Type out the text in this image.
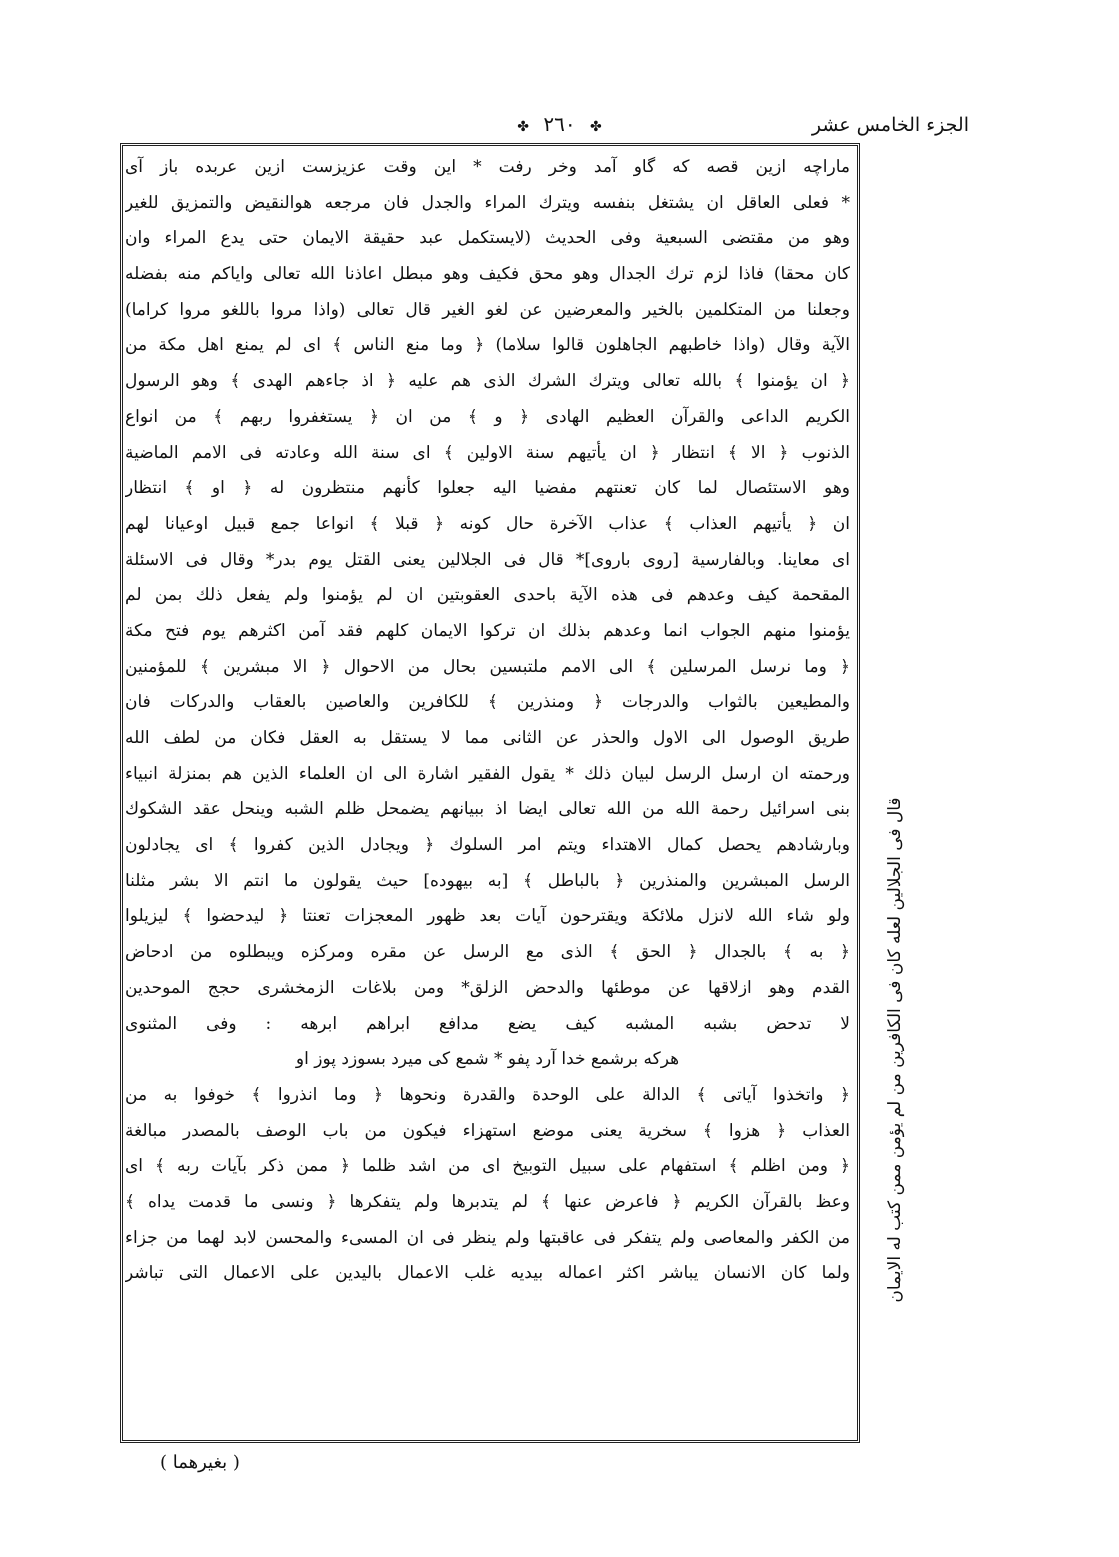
الجزء الخامس عشر
✤ ٢٦٠ ✤
ماراچه ازين قصه كه گاو آمد وخر رفت * اين وقت عزيزست ازين عربده باز آى
* فعلى العاقل ان يشتغل بنفسه ويترك المراء والجدل فان مرجعه هوالنقيض والتمزيق للغير
وهو من مقتضى السبعية وفى الحديث (لايستكمل عبد حقيقة الايمان حتى يدع المراء وان
كان محقا) فاذا لزم ترك الجدال وهو محق فكيف وهو مبطل اعاذنا الله تعالى واياكم منه بفضله
وجعلنا من المتكلمين بالخير والمعرضين عن لغو الغير قال تعالى (واذا مروا باللغو مروا كراما)
الآية وقال (واذا خاطبهم الجاهلون قالوا سلاما) ﴿ وما منع الناس ﴾ اى لم يمنع اهل مكة من
﴿ ان يؤمنوا ﴾ بالله تعالى ويترك الشرك الذى هم عليه ﴿ اذ جاءهم الهدى ﴾ وهو الرسول
الكريم الداعى والقرآن العظيم الهادى ﴿ و ﴾ من ان ﴿ يستغفروا ربهم ﴾ من انواع
الذنوب ﴿ الا ﴾ انتظار ﴿ ان يأتيهم سنة الاولين ﴾ اى سنة الله وعادته فى الامم الماضية
وهو الاستئصال لما كان تعنتهم مفضيا اليه جعلوا كأنهم منتظرون له ﴿ او ﴾ انتظار
ان ﴿ يأتيهم العذاب ﴾ عذاب الآخرة حال كونه ﴿ قبلا ﴾ انواعا جمع قبيل اوعيانا لهم
اى معاينا. وبالفارسية [روى باروى]* قال فى الجلالين يعنى القتل يوم بدر* وقال فى الاسئلة
المقحمة كيف وعدهم فى هذه الآية باحدى العقوبتين ان لم يؤمنوا ولم يفعل ذلك بمن لم
يؤمنوا منهم الجواب انما وعدهم بذلك ان تركوا الايمان كلهم فقد آمن اكثرهم يوم فتح مكة
﴿ وما نرسل المرسلين ﴾ الى الامم ملتبسين بحال من الاحوال ﴿ الا مبشرين ﴾ للمؤمنين
والمطيعين بالثواب والدرجات ﴿ ومنذرين ﴾ للكافرين والعاصين بالعقاب والدركات فان
طريق الوصول الى الاول والحذر عن الثانى مما لا يستقل به العقل فكان من لطف الله
ورحمته ان ارسل الرسل لبيان ذلك * يقول الفقير اشارة الى ان العلماء الذين هم بمنزلة انبياء
بنى اسرائيل رحمة الله من الله تعالى ايضا اذ ببيانهم يضمحل ظلم الشبه وينحل عقد الشكوك
وبارشادهم يحصل كمال الاهتداء ويتم امر السلوك ﴿ ويجادل الذين كفروا ﴾ اى يجادلون
الرسل المبشرين والمنذرين ﴿ بالباطل ﴾ [به بيهوده] حيث يقولون ما انتم الا بشر مثلنا
ولو شاء الله لانزل ملائكة ويقترحون آيات بعد ظهور المعجزات تعنتا ﴿ ليدحضوا ﴾ ليزيلوا
﴿ به ﴾ بالجدال ﴿ الحق ﴾ الذى مع الرسل عن مقره ومركزه ويبطلوه من ادحاض
القدم وهو ازلاقها عن موطئها والدحض الزلق* ومن بلاغات الزمخشرى حجج الموحدين
لا تدحض بشبه المشبه كيف يضع مدافع ابراهم ابرهه : وفى المثنوى
هركه برشمع خدا آرد پفو * شمع كى ميرد بسوزد پوز او
﴿ واتخذوا آياتى ﴾ الدالة على الوحدة والقدرة ونحوها ﴿ وما انذروا ﴾ خوفوا به من
العذاب ﴿ هزوا ﴾ سخرية يعنى موضع استهزاء فيكون من باب الوصف بالمصدر مبالغة
﴿ ومن اظلم ﴾ استفهام على سبيل التوبيخ اى من اشد ظلما ﴿ ممن ذكر بآيات ربه ﴾ اى
وعظ بالقرآن الكريم ﴿ فاعرض عنها ﴾ لم يتدبرها ولم يتفكرها ﴿ ونسى ما قدمت يداه ﴾
من الكفر والمعاصى ولم يتفكر فى عاقبتها ولم ينظر فى ان المسىء والمحسن لابد لهما من جزاء
ولما كان الانسان يباشر اكثر اعماله بيديه غلب الاعمال باليدين على الاعمال التى تباشر	قال فى الجلالين لعله كان فى الكافرين من لم يؤمن ممن كتب له الايمان
( بغيرهما )
